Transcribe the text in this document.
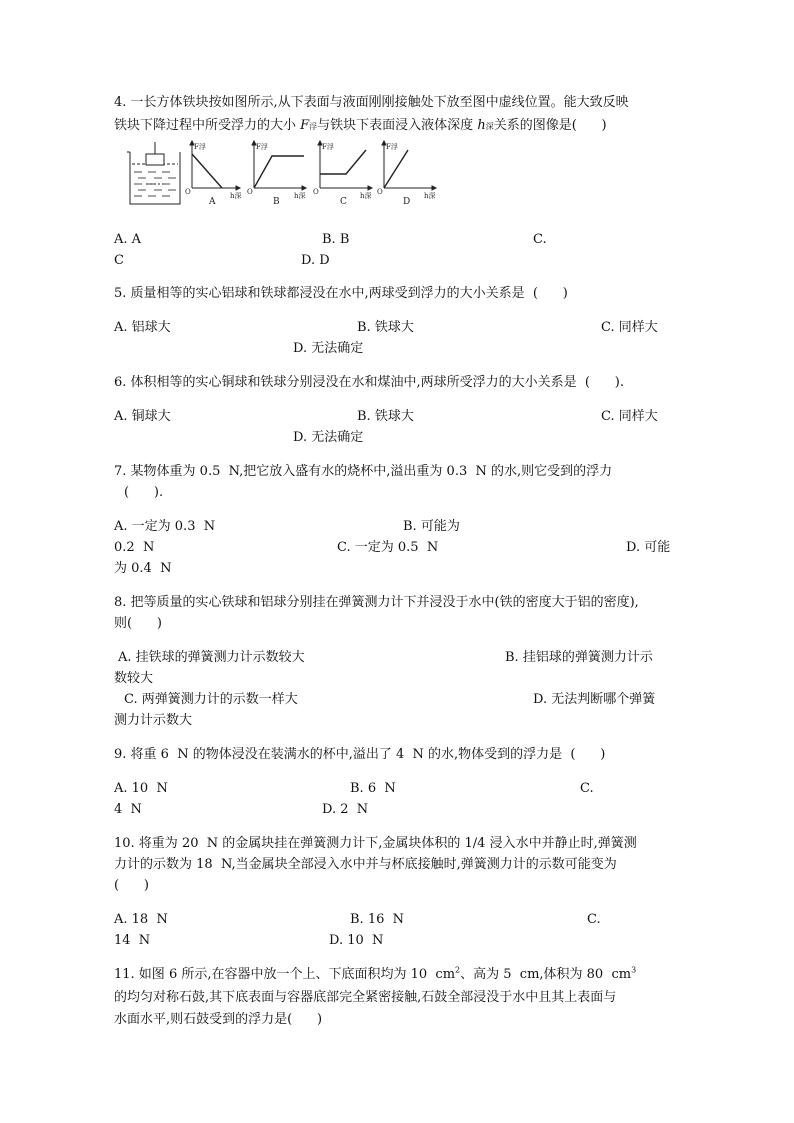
4. 一长方体铁块按如图所示,从下表面与液面刚刚接触处下放至图中虚线位置。能大致反映
铁块下降过程中所受浮力的大小 F浮与铁块下表面浸入液体深度 h深关系的图像是(      )
F浮
O	h深
F浮
O	h深
F浮
O	h深
F浮
O	h深
A	B	C	D
A. A	B. B	C.
C	D. D
5. 质量相等的实心铝球和铁球都浸没在水中,两球受到浮力的大小关系是  (      )
A. 铝球大	B. 铁球大	C. 同样大
D. 无法确定
6. 体积相等的实心铜球和铁球分别浸没在水和煤油中,两球所受浮力的大小关系是  (      ).
A. 铜球大	B. 铁球大	C. 同样大
D. 无法确定
7. 某物体重为 0.5  N,把它放入盛有水的烧杯中,溢出重为 0.3  N 的水,则它受到的浮力
(      ).
A. 一定为 0.3  N	B. 可能为
0.2  N	C. 一定为 0.5  N	D. 可能
为 0.4  N
8. 把等质量的实心铁球和铝球分别挂在弹簧测力计下并浸没于水中(铁的密度大于铝的密度),
则(      )
A. 挂铁球的弹簧测力计示数较大	B. 挂铝球的弹簧测力计示
数较大
C. 两弹簧测力计的示数一样大	D. 无法判断哪个弹簧
测力计示数大
9. 将重 6  N 的物体浸没在装满水的杯中,溢出了 4  N 的水,物体受到的浮力是  (      )
A. 10  N	B. 6  N	C.
4  N	D. 2  N
10. 将重为 20  N 的金属块挂在弹簧测力计下,金属块体积的 1/4 浸入水中并静止时,弹簧测
力计的示数为 18  N,当金属块全部浸入水中并与杯底接触时,弹簧测力计的示数可能变为
(      )
A. 18  N	B. 16  N	C.
14  N	D. 10  N
11. 如图 6 所示,在容器中放一个上、下底面积均为 10  $cm^2$、高为 5  cm,体积为 80  $cm^3$
的均匀对称石鼓,其下底表面与容器底部完全紧密接触,石鼓全部浸没于水中且其上表面与
水面水平,则石鼓受到的浮力是(      )
